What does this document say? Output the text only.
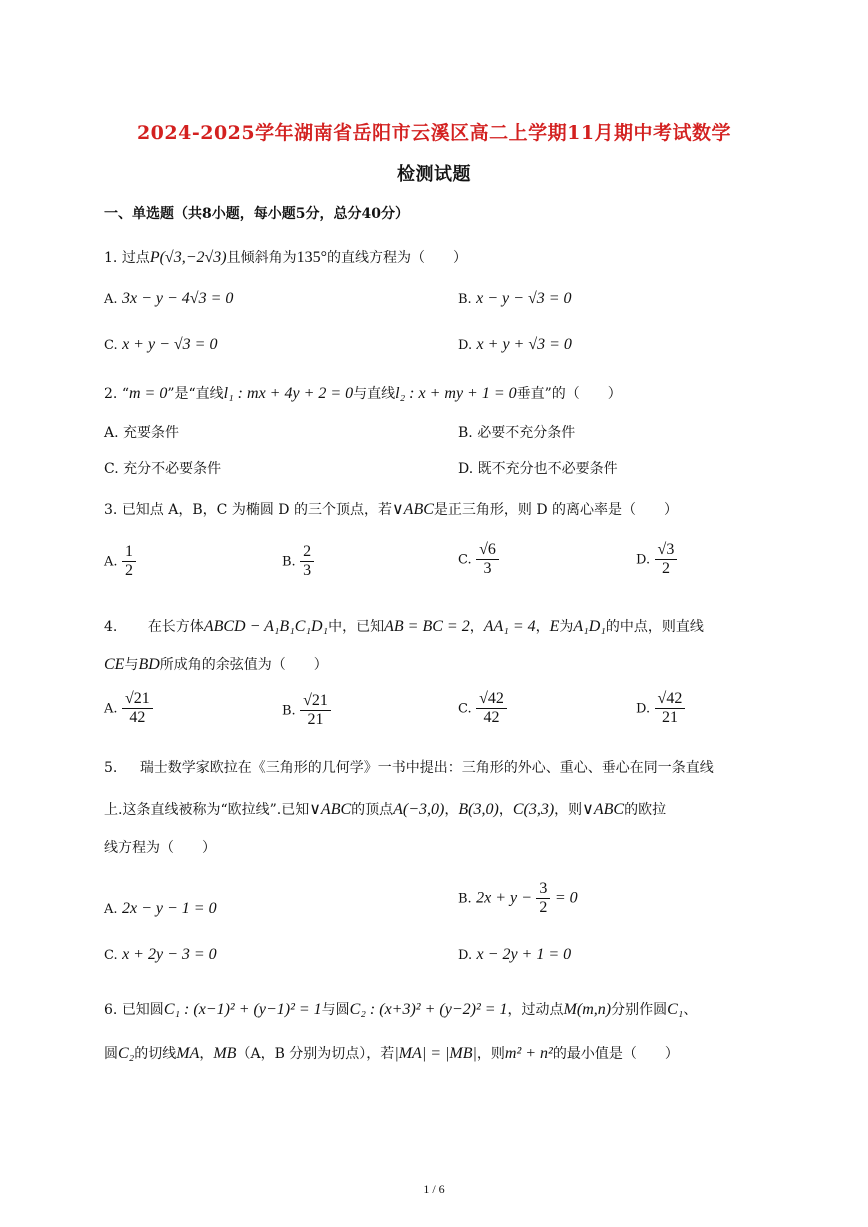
2024-2025学年湖南省岳阳市云溪区高二上学期11月期中考试数学
检测试题
一、单选题（共8小题，每小题5分，总分40分）
1. 过点P(√3,−2√3)且倾斜角为135°的直线方程为（　　）
A. 3x − y − 4√3 = 0	B. x − y − √3 = 0
C. x + y − √3 = 0	D. x + y + √3 = 0
2. “m = 0”是“直线l₁ : mx + 4y + 2 = 0与直线l₂ : x + my + 1 = 0垂直”的（　　）
A. 充要条件	B. 必要不充分条件
C. 充分不必要条件	D. 既不充分也不必要条件
3. 已知点 A，B，C 为椭圆 D 的三个顶点，若∨ABC是正三角形，则 D 的离心率是（　　）
A. $\frac{1}{2}$	B. $\frac{2}{3}$	C. $\frac{√6}{3}$	D. $\frac{√3}{2}$
4. 在长方体ABCD − A₁B₁C₁D₁中，已知AB = BC = 2，AA₁ = 4，E为A₁D₁的中点，则直线
CE与BD所成角的余弦值为（　　）
A. $\frac{√21}{42}$	B. $\frac{√21}{21}$	C. $\frac{√42}{42}$	D. $\frac{√42}{21}$
5. 瑞士数学家欧拉在《三角形的几何学》一书中提出：三角形的外心、重心、垂心在同一条直线
上.这条直线被称为“欧拉线”.已知∨ABC的顶点A(−3,0)，B(3,0)，C(3,3)，则∨ABC的欧拉
线方程为（　　）
A. 2x − y − 1 = 0
B. $2x + y - \frac{3}{2} = 0$
C. x + 2y − 3 = 0	D. x − 2y + 1 = 0
6. 已知圆C₁ : (x−1)² + (y−1)² = 1与圆C₂ : (x+3)² + (y−2)² = 1，过动点M(m,n)分别作圆C₁、
圆C₂的切线MA，MB（A，B 分别为切点），若|MA| = |MB|，则m² + n²的最小值是（　　）
1 / 6
